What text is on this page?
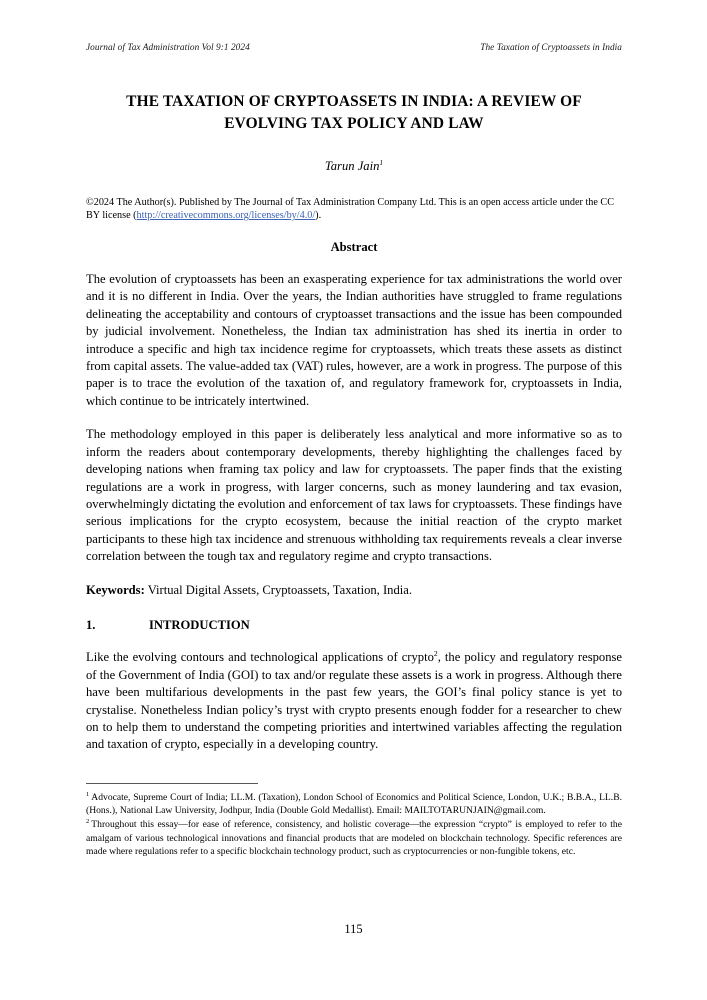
Journal of Tax Administration Vol 9:1 2024	The Taxation of Cryptoassets in India
THE TAXATION OF CRYPTOASSETS IN INDIA: A REVIEW OF EVOLVING TAX POLICY AND LAW
Tarun Jain$^1$

©2024 The Author(s). Published by The Journal of Tax Administration Company Ltd. This is an open access article under the CC BY license (http://creativecommons.org/licenses/by/4.0/).

Abstract

The evolution of cryptoassets has been an exasperating experience for tax administrations the world over and it is no different in India. Over the years, the Indian authorities have struggled to frame regulations delineating the acceptability and contours of cryptoasset transactions and the issue has been compounded by judicial involvement. Nonetheless, the Indian tax administration has shed its inertia in order to introduce a specific and high tax incidence regime for cryptoassets, which treats these assets as distinct from capital assets. The value-added tax (VAT) rules, however, are a work in progress. The purpose of this paper is to trace the evolution of the taxation of, and regulatory framework for, cryptoassets in India, which continue to be intricately intertwined.

The methodology employed in this paper is deliberately less analytical and more informative so as to inform the readers about contemporary developments, thereby highlighting the challenges faced by developing nations when framing tax policy and law for cryptoassets. The paper finds that the existing regulations are a work in progress, with larger concerns, such as money laundering and tax evasion, overwhelmingly dictating the evolution and enforcement of tax laws for cryptoassets. These findings have serious implications for the crypto ecosystem, because the initial reaction of the crypto market participants to these high tax incidence and strenuous withholding tax requirements reveals a clear inverse correlation between the tough tax and regulatory regime and crypto transactions.

Keywords: Virtual Digital Assets, Cryptoassets, Taxation, India.

1.	INTRODUCTION

Like the evolving contours and technological applications of crypto$^2$, the policy and regulatory response of the Government of India (GOI) to tax and/or regulate these assets is a work in progress. Although there have been multifarious developments in the past few years, the GOI’s final policy stance is yet to crystalise. Nonetheless Indian policy’s tryst with crypto presents enough fodder for a researcher to chew on to help them to understand the competing priorities and intertwined variables affecting the regulation and taxation of crypto, especially in a developing country.

$^1$ Advocate, Supreme Court of India; LL.M. (Taxation), London School of Economics and Political Science, London, U.K.; B.B.A., LL.B. (Hons.), National Law University, Jodhpur, India (Double Gold Medallist). Email: MAILTOTARUNJAIN@gmail.com.

$^2$ Throughout this essay—for ease of reference, consistency, and holistic coverage—the expression “crypto” is employed to refer to the amalgam of various technological innovations and financial products that are modeled on blockchain technology. Specific references are made where regulations refer to a specific blockchain technology product, such as cryptocurrencies or non-fungible tokens, etc.

115
